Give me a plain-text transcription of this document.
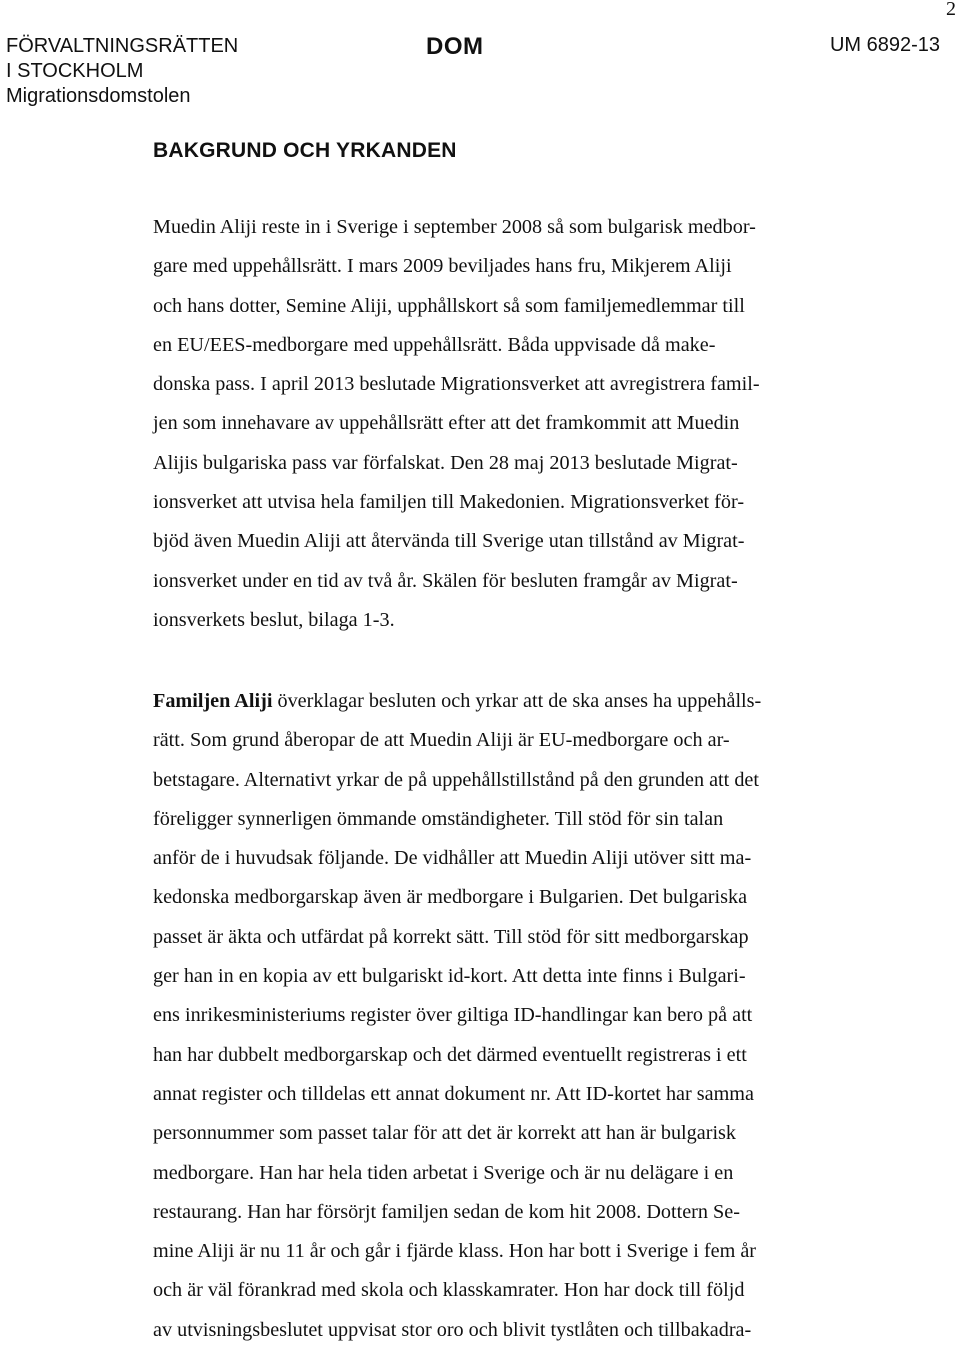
2
FÖRVALTNINGSRÄTTEN
I STOCKHOLM
Migrationsdomstolen
DOM	UM 6892-13
BAKGRUND OCH YRKANDEN
Muedin Aliji reste in i Sverige i september 2008 så som bulgarisk medbor-
gare med uppehållsrätt. I mars 2009 beviljades hans fru, Mikjerem Aliji
och hans dotter, Semine Aliji, upphållskort så som familjemedlemmar till
en EU/EES-medborgare med uppehållsrätt. Båda uppvisade då make-
donska pass. I april 2013 beslutade Migrationsverket att avregistrera famil-
jen som innehavare av uppehållsrätt efter att det framkommit att Muedin
Alijis bulgariska pass var förfalskat. Den 28 maj 2013 beslutade Migrat-
ionsverket att utvisa hela familjen till Makedonien. Migrationsverket för-
bjöd även Muedin Aliji att återvända till Sverige utan tillstånd av Migrat-
ionsverket under en tid av två år. Skälen för besluten framgår av Migrat-
ionsverkets beslut, bilaga 1-3.
Familjen Aliji överklagar besluten och yrkar att de ska anses ha uppehålls-
rätt. Som grund åberopar de att Muedin Aliji är EU-medborgare och ar-
betstagare. Alternativt yrkar de på uppehållstillstånd på den grunden att det
föreligger synnerligen ömmande omständigheter. Till stöd för sin talan
anför de i huvudsak följande. De vidhåller att Muedin Aliji utöver sitt ma-
kedonska medborgarskap även är medborgare i Bulgarien. Det bulgariska
passet är äkta och utfärdat på korrekt sätt. Till stöd för sitt medborgarskap
ger han in en kopia av ett bulgariskt id-kort. Att detta inte finns i Bulgari-
ens inrikesministeriums register över giltiga ID-handlingar kan bero på att
han har dubbelt medborgarskap och det därmed eventuellt registreras i ett
annat register och tilldelas ett annat dokument nr. Att ID-kortet har samma
personnummer som passet talar för att det är korrekt att han är bulgarisk
medborgare. Han har hela tiden arbetat i Sverige och är nu delägare i en
restaurang. Han har försörjt familjen sedan de kom hit 2008. Dottern Se-
mine Aliji är nu 11 år och går i fjärde klass. Hon har bott i Sverige i fem år
och är väl förankrad med skola och klasskamrater. Hon har dock till följd
av utvisningsbeslutet uppvisat stor oro och blivit tystlåten och tillbakadra-
